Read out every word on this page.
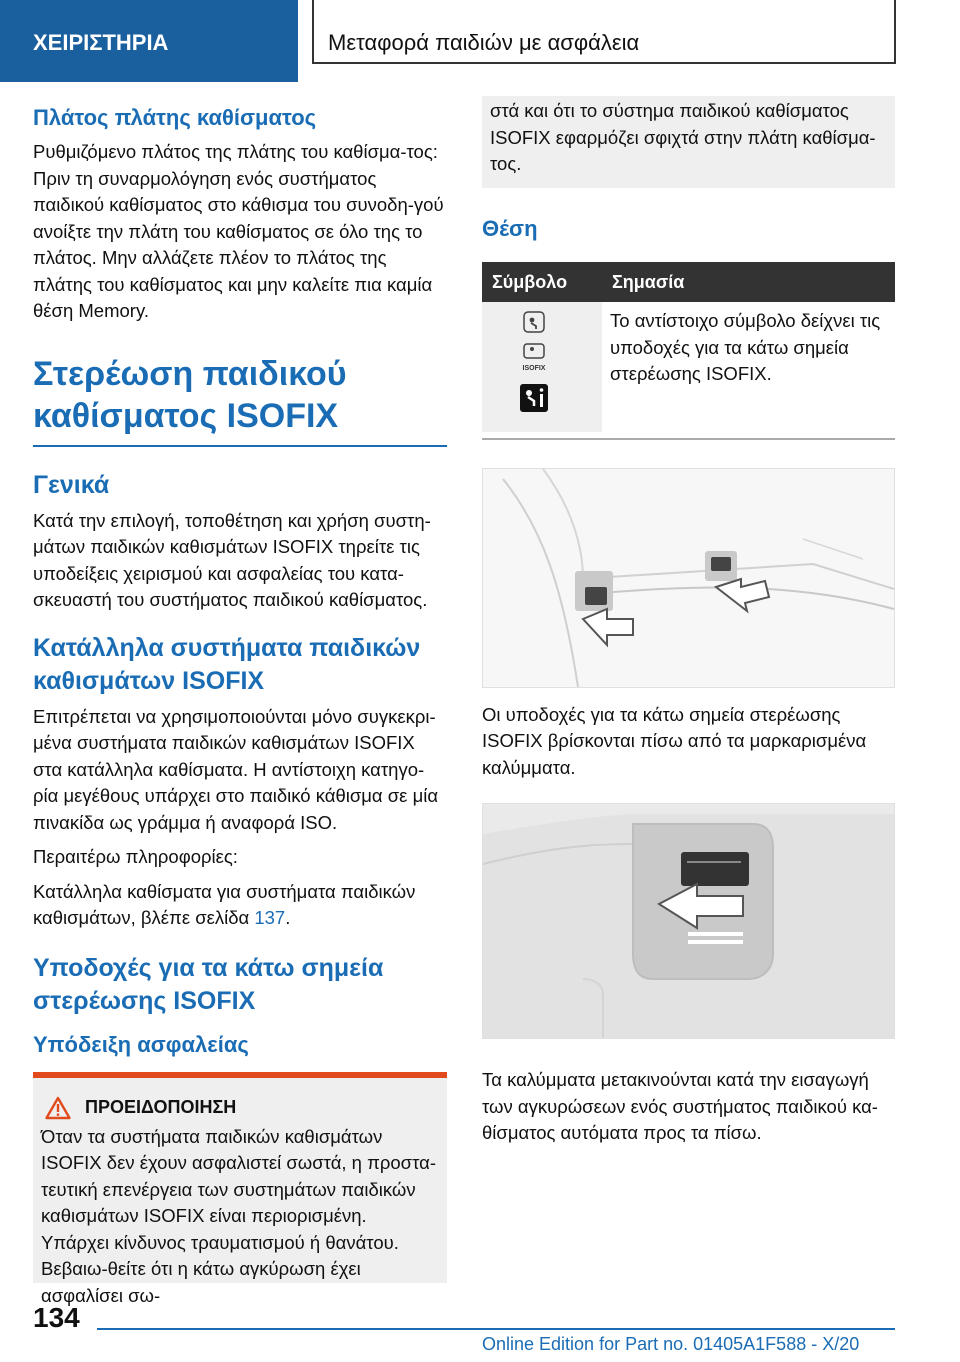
ΧΕΙΡΙΣΤΗΡΙΑ	Μεταφορά παιδιών με ασφάλεια
Πλάτος πλάτης καθίσματος

Ρυθμιζόμενο πλάτος της πλάτης του καθίσμα-τος: Πριν τη συναρμολόγηση ενός συστήματος παιδικού καθίσματος στο κάθισμα του συνοδη-γού ανοίξτε την πλάτη του καθίσματος σε όλο της το πλάτος. Μην αλλάζετε πλέον το πλάτος της πλάτης του καθίσματος και μην καλείτε πια καμία θέση Memory.

Στερέωση παιδικού καθίσματος ISOFIX
Γενικά

Κατά την επιλογή, τοποθέτηση και χρήση συστη-μάτων παιδικών καθισμάτων ISOFIX τηρείτε τις υποδείξεις χειρισμού και ασφαλείας του κατα-σκευαστή του συστήματος παιδικού καθίσματος.

Κατάλληλα συστήματα παιδικών καθισμάτων ISOFIX

Επιτρέπεται να χρησιμοποιούνται μόνο συγκεκρι-μένα συστήματα παιδικών καθισμάτων ISOFIX στα κατάλληλα καθίσματα. Η αντίστοιχη κατηγο-ρία μεγέθους υπάρχει στο παιδικό κάθισμα σε μία πινακίδα ως γράμμα ή αναφορά ISO.

Περαιτέρω πληροφορίες:

Κατάλληλα καθίσματα για συστήματα παιδικών καθισμάτων, βλέπε σελίδα 137.

Υποδοχές για τα κάτω σημεία στερέωσης ISOFIX
Υπόδειξη ασφαλείας
ΠΡΟΕΙΔΟΠΟΙΗΣΗ

Όταν τα συστήματα παιδικών καθισμάτων ISOFIX δεν έχουν ασφαλιστεί σωστά, η προστα-τευτική επενέργεια των συστημάτων παιδικών καθισμάτων ISOFIX είναι περιορισμένη. Υπάρχει κίνδυνος τραυματισμού ή θανάτου. Βεβαιω-θείτε ότι η κάτω αγκύρωση έχει ασφαλίσει σω-

στά και ότι το σύστημα παιδικού καθίσματος ISOFIX εφαρμόζει σφιχτά στην πλάτη καθίσμα-τος.

Θέση
Σύμβολο	Σημασία

ISOFIX	Το αντίστοιχο σύμβολο δείχνει τις υποδοχές για τα κάτω σημεία στερέωσης ISOFIX.

Οι υποδοχές για τα κάτω σημεία στερέωσης ISOFIX βρίσκονται πίσω από τα μαρκαρισμένα καλύμματα.

Τα καλύμματα μετακινούνται κατά την εισαγωγή των αγκυρώσεων ενός συστήματος παιδικού κα-θίσματος αυτόματα προς τα πίσω.

134
Online Edition for Part no. 01405A1F588 - X/20
